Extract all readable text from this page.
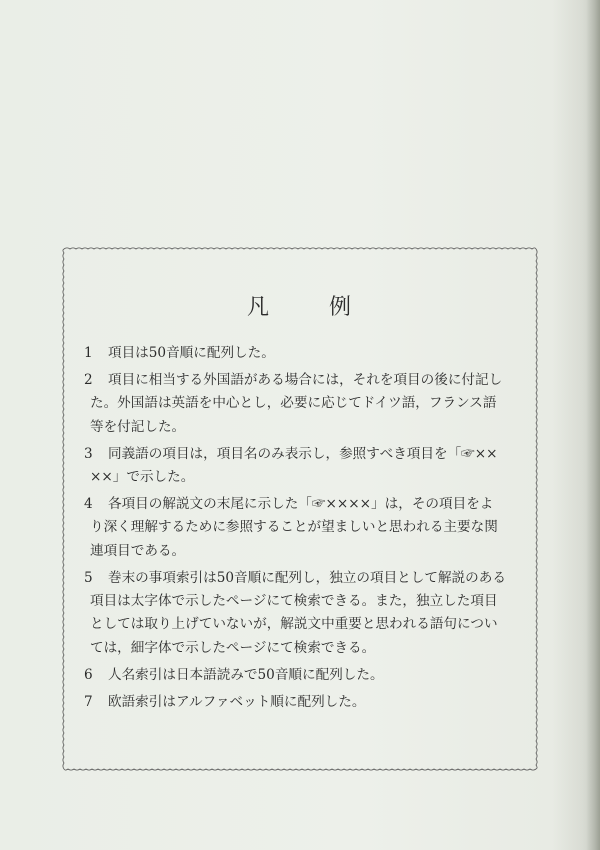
凡	例
1 項目は50音順に配列した。
2 項目に相当する外国語がある場合には，それを項目の後に付記し
た。外国語は英語を中心とし，必要に応じてドイツ語，フランス語
等を付記した。
3 同義語の項目は，項目名のみ表示し，参照すべき項目を「☞××
××」で示した。
4 各項目の解説文の末尾に示した「☞××××」は，その項目をよ
り深く理解するために参照することが望ましいと思われる主要な関
連項目である。
5 巻末の事項索引は50音順に配列し，独立の項目として解説のある
項目は太字体で示したページにて検索できる。また，独立した項目
としては取り上げていないが，解説文中重要と思われる語句につい
ては，細字体で示したページにて検索できる。
6 人名索引は日本語読みで50音順に配列した。
7 欧語索引はアルファベット順に配列した。
